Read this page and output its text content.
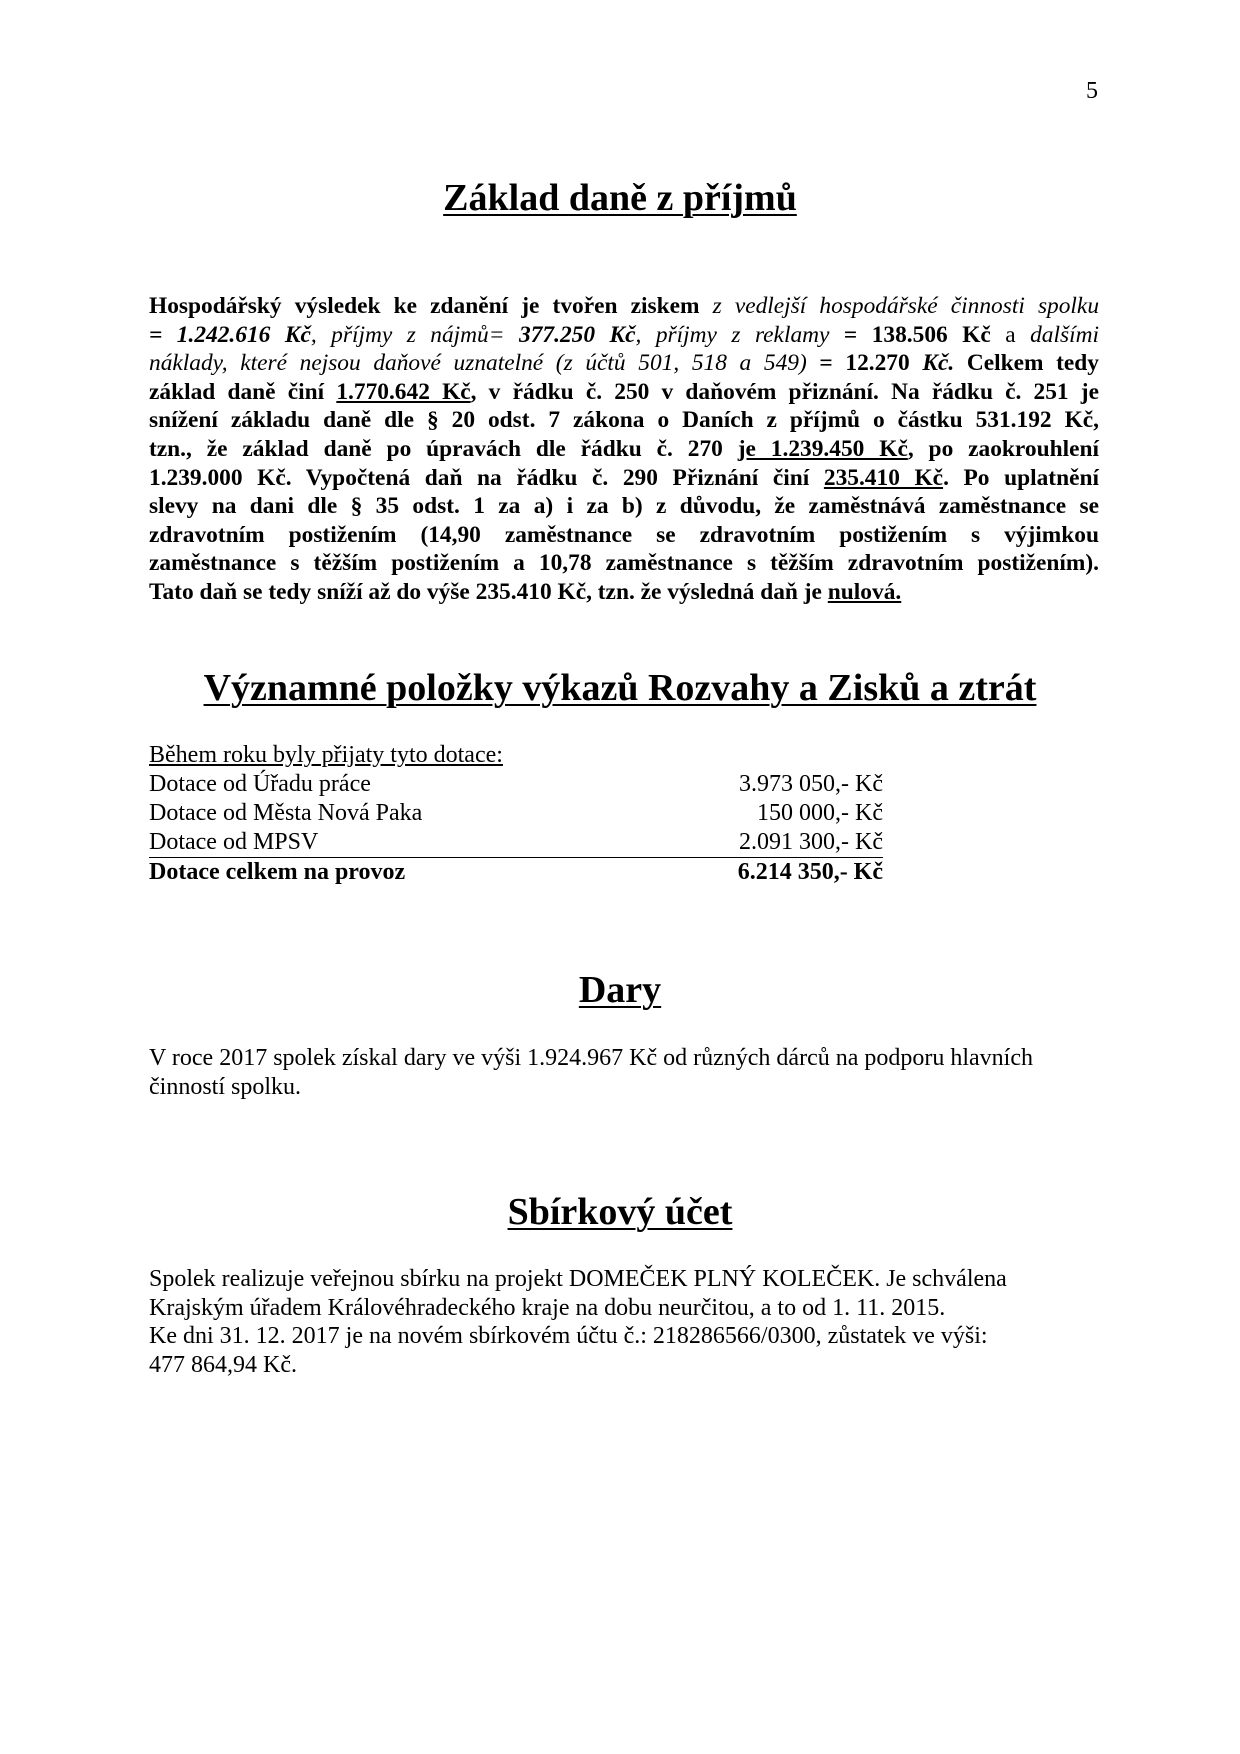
5
Základ daně z příjmů
Hospodářský výsledek ke zdanění je tvořen ziskem z vedlejší hospodářské činnosti spolku
= 1.242.616 Kč, příjmy z nájmů= 377.250 Kč, příjmy z reklamy = 138.506 Kč a dalšími
náklady, které nejsou daňové uznatelné (z účtů 501, 518 a 549) = 12.270 Kč. Celkem tedy
základ daně činí 1.770.642 Kč, v řádku č. 250 v daňovém přiznání. Na řádku č. 251 je
snížení základu daně dle § 20 odst. 7 zákona o Daních z příjmů o částku 531.192 Kč,
tzn., že základ daně po úpravách dle řádku č. 270 je 1.239.450 Kč, po zaokrouhlení
1.239.000 Kč. Vypočtená daň na řádku č. 290 Přiznání činí 235.410 Kč. Po uplatnění
slevy na dani dle § 35 odst. 1 za a) i za b) z důvodu, že zaměstnává zaměstnance se
zdravotním postižením (14,90 zaměstnance se zdravotním postižením s výjimkou
zaměstnance s těžším postižením a 10,78 zaměstnance s těžším zdravotním postižením).
Tato daň se tedy sníží až do výše 235.410 Kč, tzn. že výsledná daň je nulová.
Významné položky výkazů Rozvahy a Zisků a ztrát
Během roku byly přijaty tyto dotace:	
Dotace od Úřadu práce	3.973 050,- Kč
Dotace od Města Nová Paka	150 000,- Kč
Dotace od MPSV	2.091 300,- Kč
Dotace celkem na provoz	6.214 350,- Kč
Dary
V roce 2017 spolek získal dary ve výši 1.924.967 Kč od různých dárců na podporu hlavních
činností spolku.
Sbírkový účet
Spolek realizuje veřejnou sbírku na projekt DOMEČEK PLNÝ KOLEČEK. Je schválena
Krajským úřadem Královéhradeckého kraje na dobu neurčitou, a to od 1. 11. 2015.
Ke dni 31. 12. 2017 je na novém sbírkovém účtu č.: 218286566/0300, zůstatek ve výši:
477 864,94 Kč.
